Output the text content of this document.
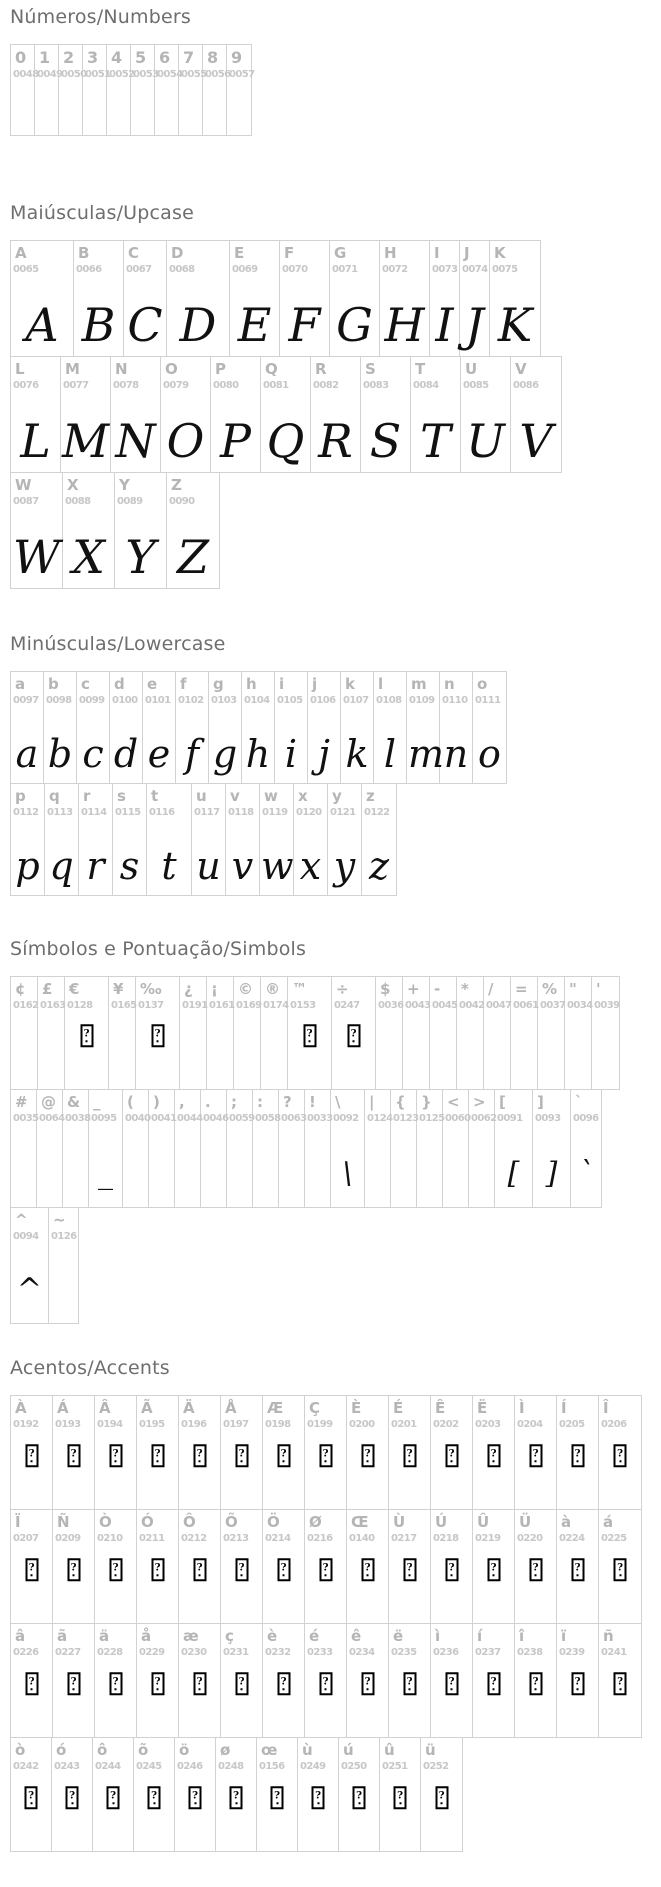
Números/Numbers
0
0048
1
0049
2
0050
3
0051
4
0052
5
0053
6
0054
7
0055
8
0056
9
0057
Maiúsculas/Upcase
A
0065
A
B
0066
B
C
0067
C
D
0068
D
E
0069
E
F
0070
F
G
0071
G
H
0072
H
I
0073
I
J
0074
J
K
0075
K
L
0076
L
M
0077
M
N
0078
N
O
0079
O
P
0080
P
Q
0081
Q
R
0082
R
S
0083
S
T
0084
T
U
0085
U
V
0086
V
W
0087
W
X
0088
X
Y
0089
Y
Z
0090
Z
Minúsculas/Lowercase
a
0097
a
b
0098
b
c
0099
c
d
0100
d
e
0101
e
f
0102
f
g
0103
g
h
0104
h
i
0105
i
j
0106
j
k
0107
k
l
0108
l
m
0109
m
n
0110
n
o
0111
o
p
0112
p
q
0113
q
r
0114
r
s
0115
s
t
0116
t
u
0117
u
v
0118
v
w
0119
w
x
0120
x
y
0121
y
z
0122
z
Símbolos e Pontuação/Simbols
¢
0162
£
0163
€
0128
?
¥
0165
‰
0137
?
¿
0191
¡
0161
©
0169
®
0174
™
0153
?
÷
0247
?
$
0036
+
0043
-
0045
*
0042
/
0047
=
0061
%
0037
"
0034
'
0039
#
0035
@
0064
&
0038
_
0095
_
(
0040
)
0041
,
0044
.
0046
;
0059
:
0058
?
0063
!
0033
\
0092
\
|
0124
{
0123
}
0125
<
0060
>
0062
[
0091
[
]
0093
]
`
0096
`
^
0094
^
~
0126
Acentos/Accents
À
0192
?
Á
0193
?
Â
0194
?
Ã
0195
?
Ä
0196
?
Å
0197
?
Æ
0198
?
Ç
0199
?
È
0200
?
É
0201
?
Ê
0202
?
Ë
0203
?
Ì
0204
?
Í
0205
?
Î
0206
?
Ï
0207
?
Ñ
0209
?
Ò
0210
?
Ó
0211
?
Ô
0212
?
Õ
0213
?
Ö
0214
?
Ø
0216
?
Œ
0140
?
Ù
0217
?
Ú
0218
?
Û
0219
?
Ü
0220
?
à
0224
?
á
0225
?
â
0226
?
ã
0227
?
ä
0228
?
å
0229
?
æ
0230
?
ç
0231
?
è
0232
?
é
0233
?
ê
0234
?
ë
0235
?
ì
0236
?
í
0237
?
î
0238
?
ï
0239
?
ñ
0241
?
ò
0242
?
ó
0243
?
ô
0244
?
õ
0245
?
ö
0246
?
ø
0248
?
œ
0156
?
ù
0249
?
ú
0250
?
û
0251
?
ü
0252
?
